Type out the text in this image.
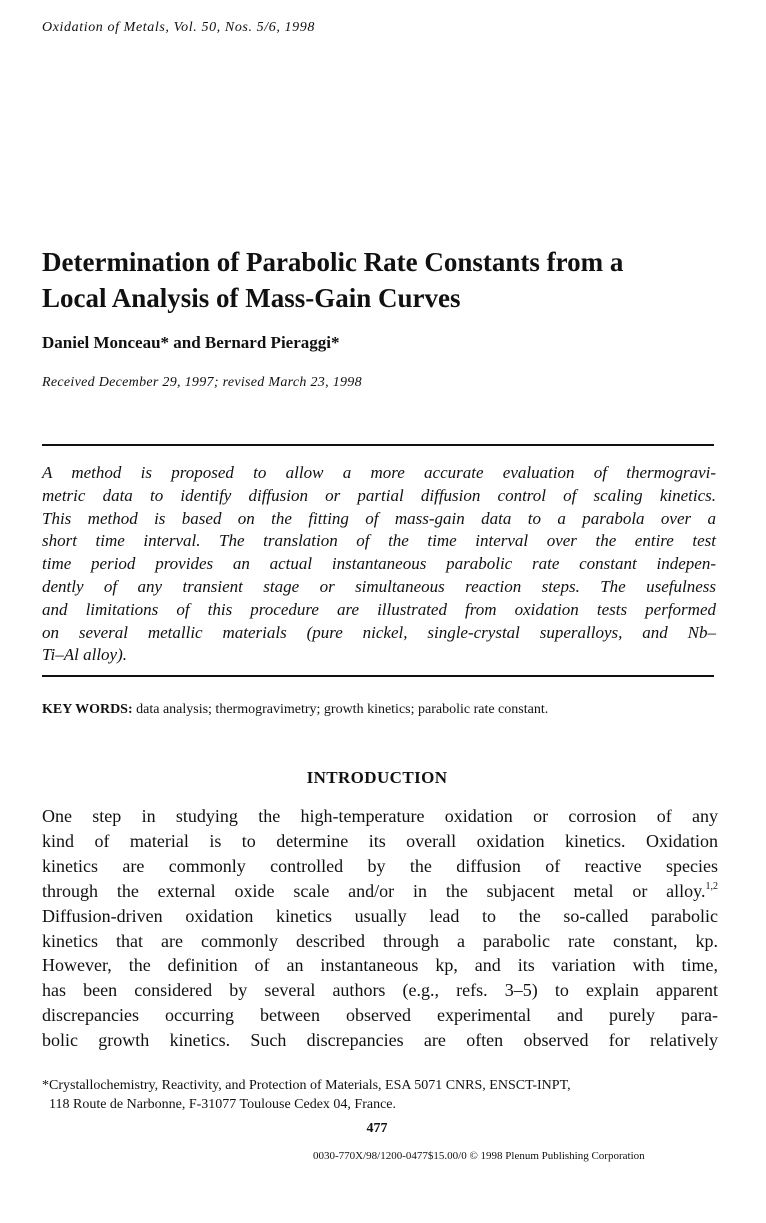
Oxidation of Metals, Vol. 50, Nos. 5/6, 1998
Determination of Parabolic Rate Constants from a
Local Analysis of Mass-Gain Curves
Daniel Monceau* and Bernard Pieraggi*
Received December 29, 1997; revised March 23, 1998
A method is proposed to allow a more accurate evaluation of thermogravi-
metric data to identify diffusion or partial diffusion control of scaling kinetics.
This method is based on the fitting of mass-gain data to a parabola over a
short time interval. The translation of the time interval over the entire test
time period provides an actual instantaneous parabolic rate constant indepen-
dently of any transient stage or simultaneous reaction steps. The usefulness
and limitations of this procedure are illustrated from oxidation tests performed
on several metallic materials (pure nickel, single-crystal superalloys, and Nb–
Ti–Al alloy).
KEY WORDS: data analysis; thermogravimetry; growth kinetics; parabolic rate constant.
INTRODUCTION
One step in studying the high-temperature oxidation or corrosion of any
kind of material is to determine its overall oxidation kinetics. Oxidation
kinetics are commonly controlled by the diffusion of reactive species
through the external oxide scale and/or in the subjacent metal or alloy.$^{1,2}$
Diffusion-driven oxidation kinetics usually lead to the so-called parabolic
kinetics that are commonly described through a parabolic rate constant, kp.
However, the definition of an instantaneous kp, and its variation with time,
has been considered by several authors (e.g., refs. 3–5) to explain apparent
discrepancies occurring between observed experimental and purely para-
bolic growth kinetics. Such discrepancies are often observed for relatively
*Crystallochemistry, Reactivity, and Protection of Materials, ESA 5071 CNRS, ENSCT-INPT,
118 Route de Narbonne, F-31077 Toulouse Cedex 04, France.
477
0030-770X/98/1200-0477$15.00/0 © 1998 Plenum Publishing Corporation
